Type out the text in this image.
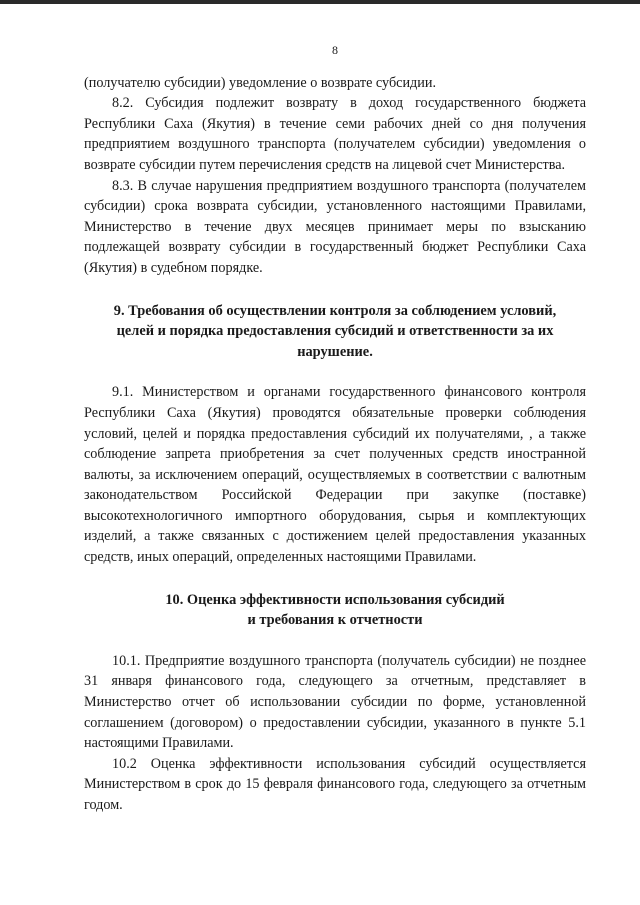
8

(получателю субсидии) уведомление о возврате субсидии.

8.2. Субсидия подлежит возврату в доход государственного бюджета Республики Саха (Якутия) в течение семи рабочих дней со дня получения предприятием воздушного транспорта (получателем субсидии) уведомления о возврате субсидии путем перечисления средств на лицевой счет Министерства.

8.3. В случае нарушения предприятием воздушного транспорта (получателем субсидии) срока возврата субсидии, установленного настоящими Правилами, Министерство в течение двух месяцев принимает меры по взысканию подлежащей возврату субсидии в государственный бюджет Республики Саха (Якутия) в судебном порядке.

9. Требования об осуществлении контроля за соблюдением условий,
целей и порядка предоставления субсидий и ответственности за их
нарушение.

9.1. Министерством и органами государственного финансового контроля Республики Саха (Якутия) проводятся обязательные проверки соблюдения условий, целей и порядка предоставления субсидий их получателями, , а также соблюдение запрета приобретения за счет полученных средств иностранной валюты, за исключением операций, осуществляемых в соответствии с валютным законодательством Российской Федерации при закупке (поставке) высокотехнологичного импортного оборудования, сырья и комплектующих изделий, а также связанных с достижением целей предоставления указанных средств, иных операций, определенных настоящими Правилами.

10. Оценка эффективности использования субсидий
и требования к отчетности

10.1. Предприятие воздушного транспорта (получатель субсидии) не позднее 31 января финансового года, следующего за отчетным, представляет в Министерство отчет об использовании субсидии по форме, установленной соглашением (договором) о предоставлении субсидии, указанного в пункте 5.1 настоящими Правилами.

10.2 Оценка эффективности использования субсидий осуществляется Министерством в срок до 15 февраля финансового года, следующего за отчетным годом.
